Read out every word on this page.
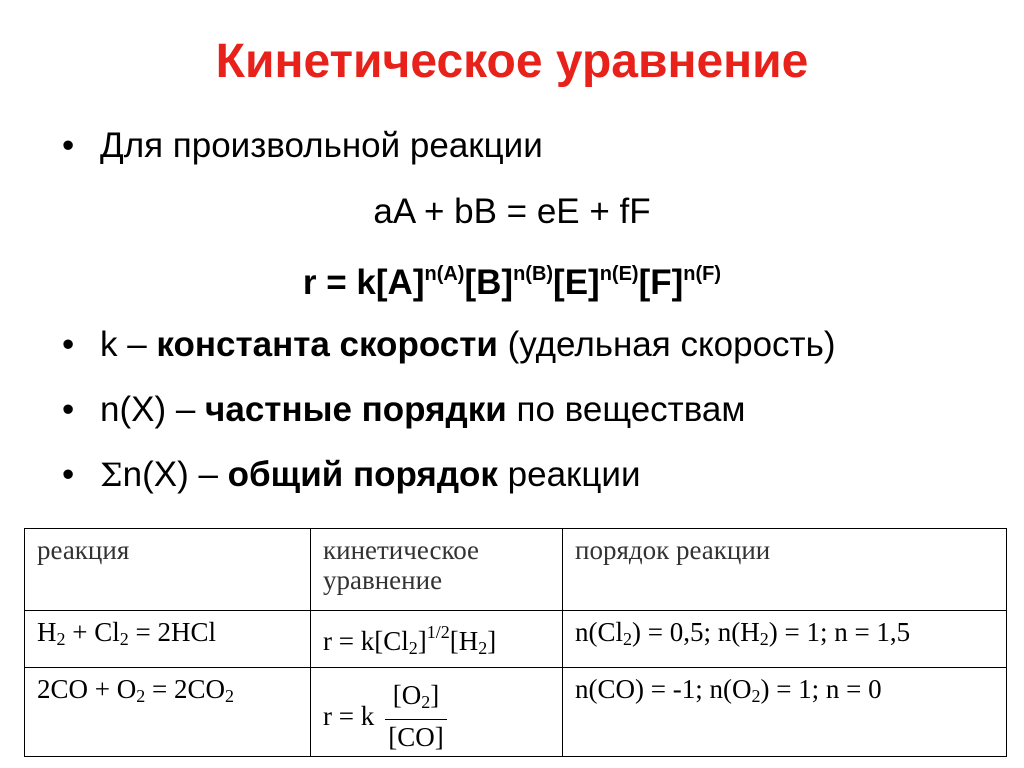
Кинетическое уравнение
• Для произвольной реакции
aA + bB = eE + fF
$r = k[A]^{n(A)}[B]^{n(B)}[E]^{n(E)}[F]^{n(F)}$
• k – константа скорости (удельная скорость)
• n(X) – частные порядки по веществам
• Σn(X) – общий порядок реакции
реакция	кинетическое уравнение	порядок реакции
$H_2 + Cl_2 = 2HCl$	$r = k[Cl_2]^{1/2}[H_2]$	$n(Cl_2) = 0,5$; $n(H_2) = 1$; n = 1,5
$2CO + O_2 = 2CO_2$	r = k $\frac{[O_2]}{[CO]}$	n(CO) = -1; $n(O_2) = 1$; n = 0
